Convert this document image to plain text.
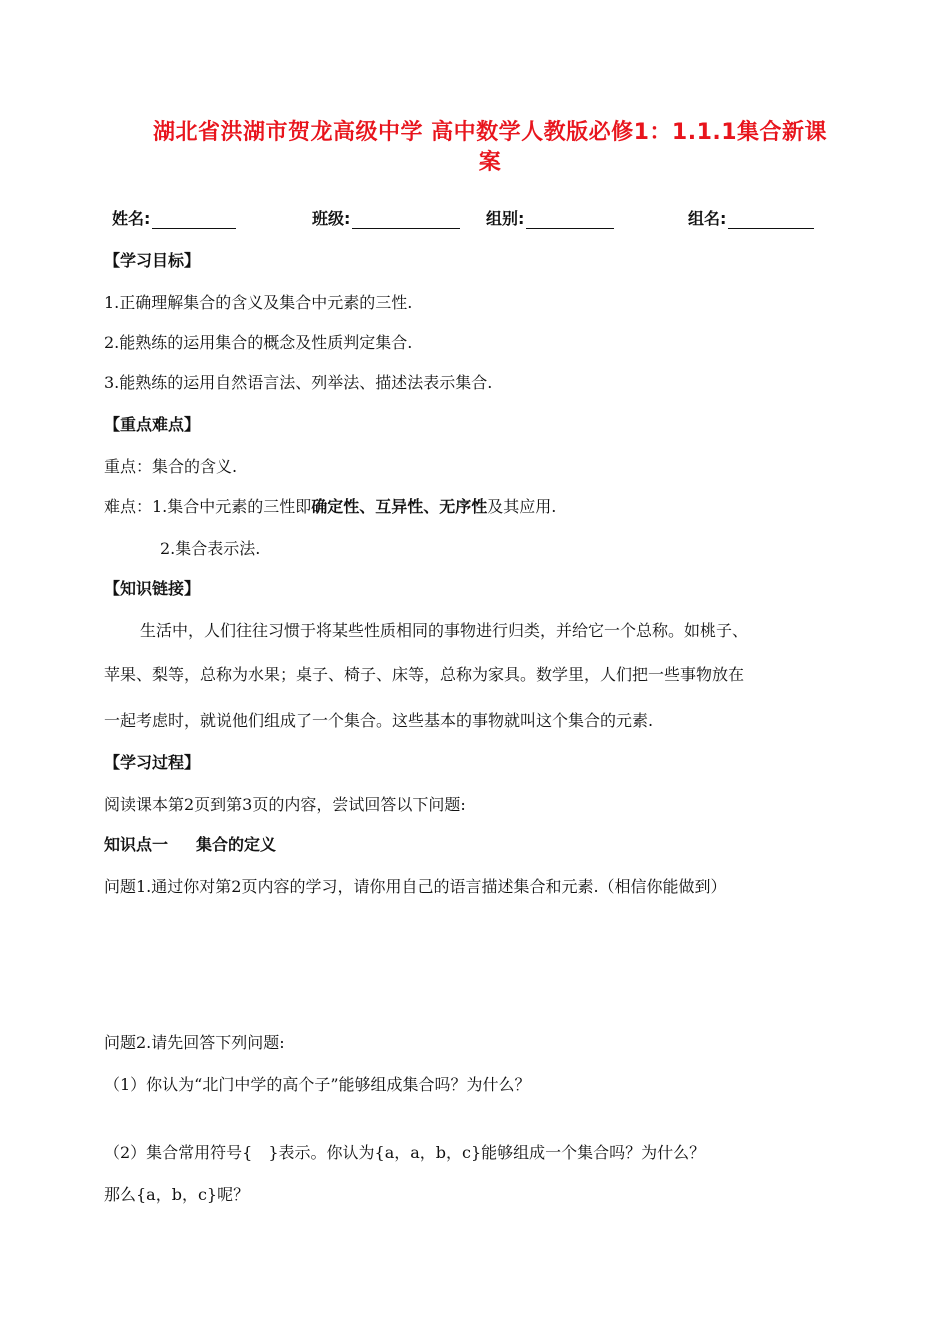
湖北省洪湖市贺龙高级中学 高中数学人教版必修1：1.1.1集合新课
案
姓名:	班级:	组别:	组名:
【学习目标】
1.正确理解集合的含义及集合中元素的三性.
2.能熟练的运用集合的概念及性质判定集合.
3.能熟练的运用自然语言法、列举法、描述法表示集合.
【重点难点】
重点：集合的含义.
难点：1.集合中元素的三性即确定性、互异性、无序性及其应用.
2.集合表示法.
【知识链接】
生活中，人们往往习惯于将某些性质相同的事物进行归类，并给它一个总称。如桃子、
苹果、梨等，总称为水果；桌子、椅子、床等，总称为家具。数学里，人们把一些事物放在
一起考虑时，就说他们组成了一个集合。这些基本的事物就叫这个集合的元素.
【学习过程】
阅读课本第2页到第3页的内容，尝试回答以下问题:
知识点一 集合的定义
问题1.通过你对第2页内容的学习，请你用自己的语言描述集合和元素.（相信你能做到）
问题2.请先回答下列问题:
（1）你认为“北门中学的高个子”能够组成集合吗？为什么？
（2）集合常用符号{　}表示。你认为{a，a，b，c}能够组成一个集合吗？为什么？
那么{a，b，c}呢？
